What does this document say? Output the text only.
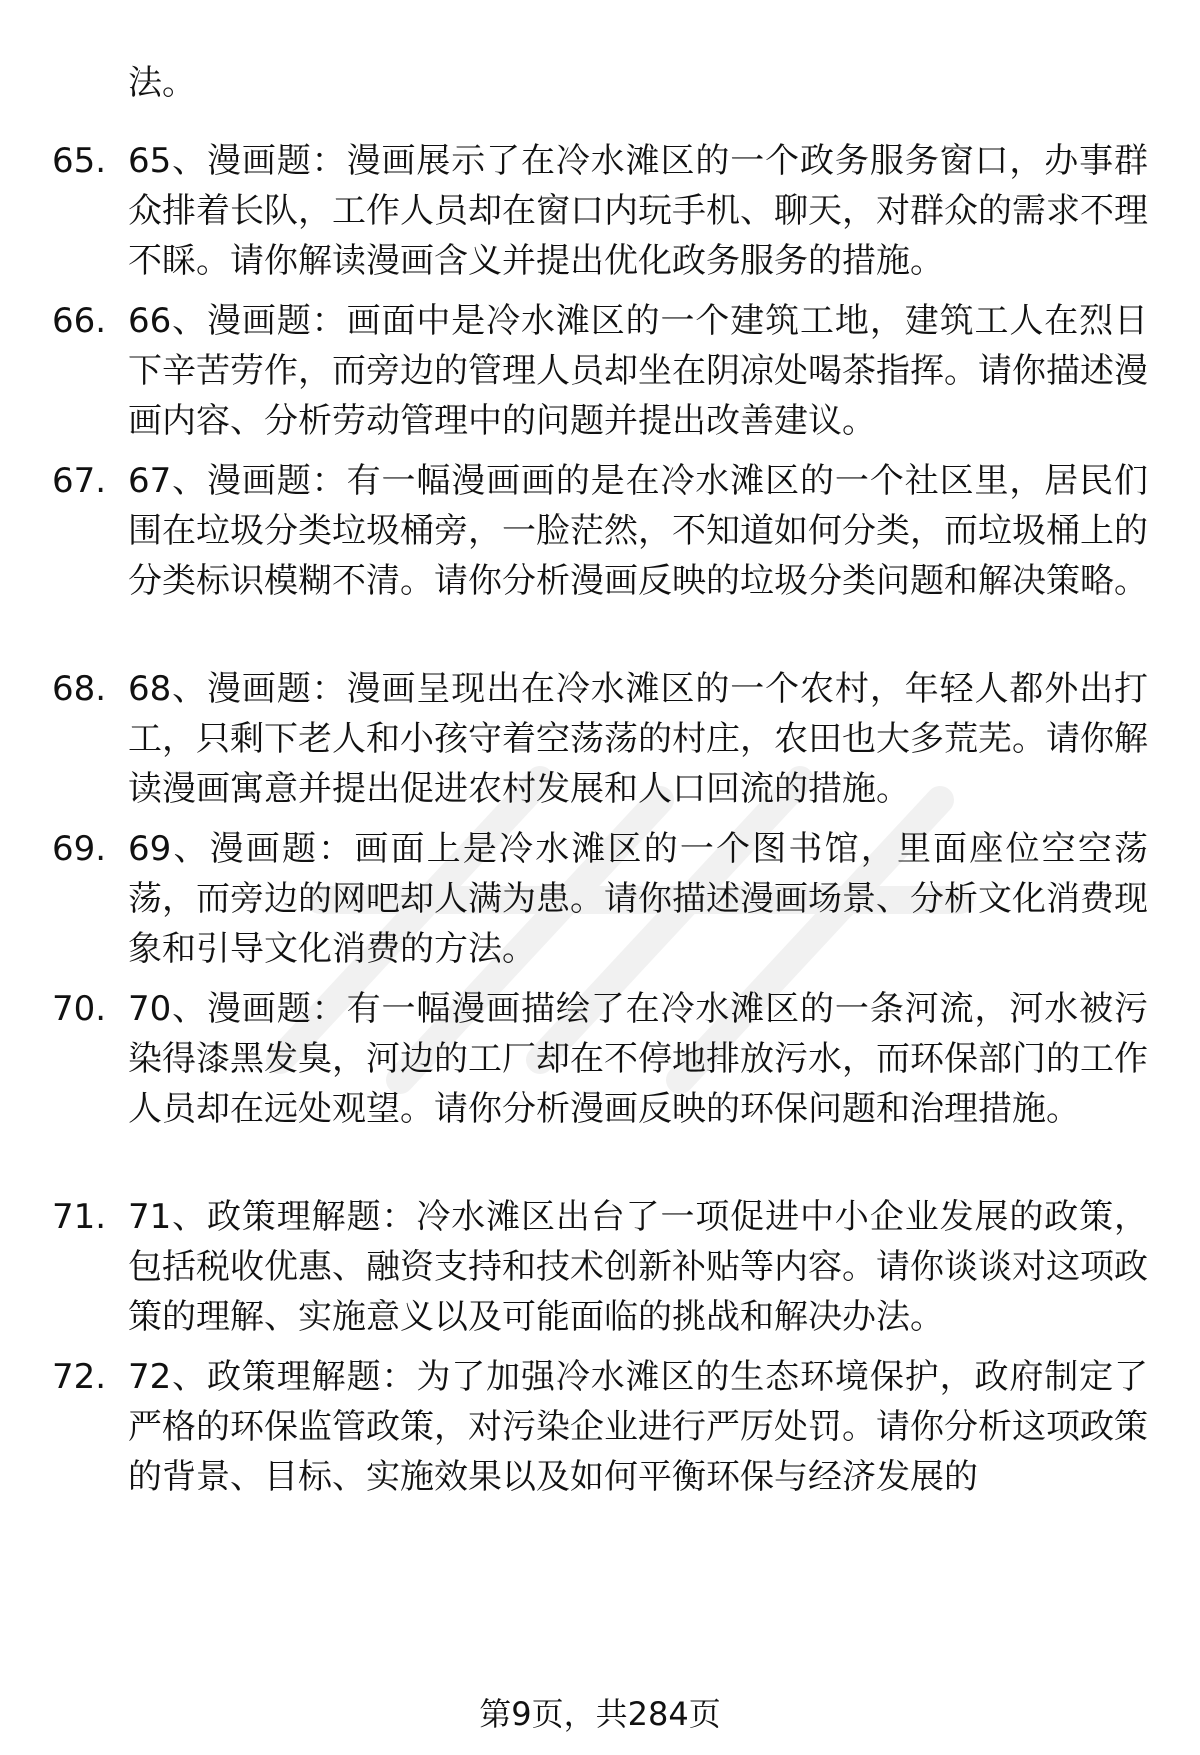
法。
65. 65、漫画题：漫画展示了在冷水滩区的一个政务服务窗口，办事群众排着长队，工作人员却在窗口内玩手机、聊天，对群众的需求不理不睬。请你解读漫画含义并提出优化政务服务的措施。
66. 66、漫画题：画面中是冷水滩区的一个建筑工地，建筑工人在烈日下辛苦劳作，而旁边的管理人员却坐在阴凉处喝茶指挥。请你描述漫画内容、分析劳动管理中的问题并提出改善建议。
67. 67、漫画题：有一幅漫画画的是在冷水滩区的一个社区里，居民们围在垃圾分类垃圾桶旁，一脸茫然，不知道如何分类，而垃圾桶上的分类标识模糊不清。请你分析漫画反映的垃圾分类问题和解决策略。
68. 68、漫画题：漫画呈现出在冷水滩区的一个农村，年轻人都外出打工，只剩下老人和小孩守着空荡荡的村庄，农田也大多荒芜。请你解读漫画寓意并提出促进农村发展和人口回流的措施。
69. 69、漫画题：画面上是冷水滩区的一个图书馆，里面座位空空荡荡，而旁边的网吧却人满为患。请你描述漫画场景、分析文化消费现象和引导文化消费的方法。
70. 70、漫画题：有一幅漫画描绘了在冷水滩区的一条河流，河水被污染得漆黑发臭，河边的工厂却在不停地排放污水，而环保部门的工作人员却在远处观望。请你分析漫画反映的环保问题和治理措施。
71. 71、政策理解题：冷水滩区出台了一项促进中小企业发展的政策，包括税收优惠、融资支持和技术创新补贴等内容。请你谈谈对这项政策的理解、实施意义以及可能面临的挑战和解决办法。
72. 72、政策理解题：为了加强冷水滩区的生态环境保护，政府制定了严格的环保监管政策，对污染企业进行严厉处罚。请你分析这项政策的背景、目标、实施效果以及如何平衡环保与经济发展的
第9页，共284页
